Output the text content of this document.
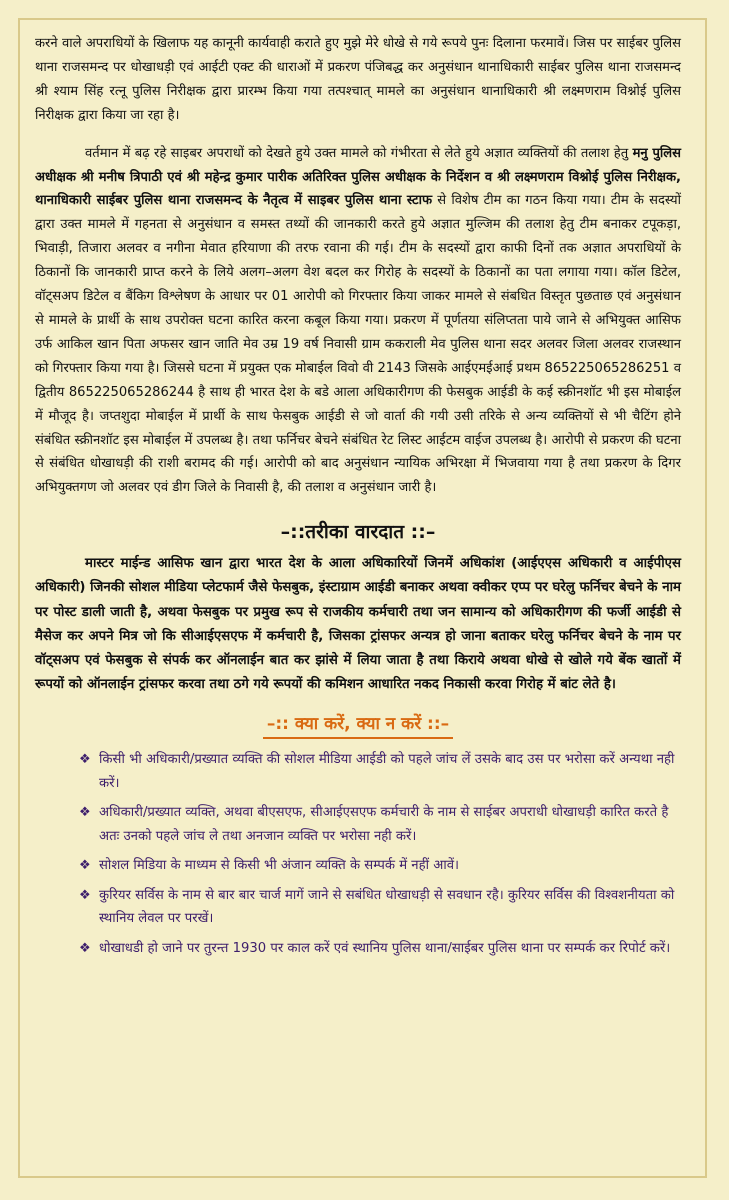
करने वाले अपराधियों के खिलाफ यह कानूनी कार्यवाही कराते हुए मुझे मेरे धोखे से गये रूपये पुनः दिलाना फरमावें। जिस पर साईबर पुलिस थाना राजसमन्द पर धोखाधड़ी एवं आईटी एक्ट की धाराओं में प्रकरण पंजिबद्ध कर अनुसंधान थानाधिकारी साईबर पुलिस थाना राजसमन्द श्री श्याम सिंह रत्नू पुलिस निरीक्षक द्वारा प्रारम्भ किया गया तत्पश्चात् मामले का अनुसंधान थानाधिकारी श्री लक्ष्मणराम विश्नोई पुलिस निरीक्षक द्वारा किया जा रहा है।

वर्तमान में बढ़ रहे साइबर अपराधों को देखते हुये उक्त मामले को गंभीरता से लेते हुये अज्ञात व्यक्तियों की तलाश हेतु मनु पुलिस अधीक्षक श्री मनीष त्रिपाठी एवं श्री महेन्द्र कुमार पारीक अतिरिक्त पुलिस अधीक्षक के निर्देशन व श्री लक्ष्मणराम विश्नोई पुलिस निरीक्षक, थानाधिकारी साईबर पुलिस थाना राजसमन्द के नैतृत्व में साइबर पुलिस थाना स्टाफ से विशेष टीम का गठन किया गया। टीम के सदस्यों द्वारा उक्त मामले में गहनता से अनुसंधान व समस्त तथ्यों की जानकारी करते हुये अज्ञात मुल्जिम की तलाश हेतु टीम बनाकर टपूकड़ा, भिवाड़ी, तिजारा अलवर व नगीना मेवात हरियाणा की तरफ रवाना की गई। टीम के सदस्यों द्वारा काफी दिनों तक अज्ञात अपराधियों के ठिकानों कि जानकारी प्राप्त करने के लिये अलग–अलग वेश बदल कर गिरोह के सदस्यों के ठिकानों का पता लगाया गया। कॉल डिटेल, वॉट्सअप डिटेल व बैंकिग विश्लेषण के आधार पर 01 आरोपी को गिरफ्तार किया जाकर मामले से संबधित विस्तृत पुछताछ एवं अनुसंधान से मामले के प्रार्थी के साथ उपरोक्त घटना कारित करना कबूल किया गया। प्रकरण में पूर्णतया संलिप्तता पाये जाने से अभियुक्त आसिफ उर्फ आकिल खान पिता अफसर खान जाति मेव उम्र 19 वर्ष निवासी ग्राम ककराली मेव पुलिस थाना सदर अलवर जिला अलवर राजस्थान को गिरफ्तार किया गया है। जिससे घटना में प्रयुक्त एक मोबाईल विवो वी 2143 जिसके आईएमईआई प्रथम 865225065286251 व द्वितीय 865225065286244 है साथ ही भारत देश के बडे आला अधिकारीगण की फेसबुक आईडी के कई स्क्रीनशॉट भी इस मोबाईल में मौजूद है। जप्तशुदा मोबाईल में प्रार्थी के साथ फेसबुक आईडी से जो वार्ता की गयी उसी तरिके से अन्य व्यक्तियों से भी चैटिंग होने संबंधित स्क्रीनशॉट इस मोबाईल में उपलब्ध है। तथा फर्निचर बेचने संबंधित रेट लिस्ट आईटम वाईज उपलब्ध है। आरोपी से प्रकरण की घटना से संबंधित धोखाधड़ी की राशी बरामद की गई। आरोपी को बाद अनुसंधान न्यायिक अभिरक्षा में भिजवाया गया है तथा प्रकरण के दिगर अभियुक्तगण जो अलवर एवं डीग जिले के निवासी है, की तलाश व अनुसंधान जारी है।

–::तरीका वारदात ::–

मास्टर माईन्ड आसिफ खान द्वारा भारत देश के आला अधिकारियों जिनमें अधिकांश (आईएएस अधिकारी व आईपीएस अधिकारी) जिनकी सोशल मीडिया प्लेटफार्म जैसे फेसबुक, इंस्टाग्राम आईडी बनाकर अथवा क्वीकर एप्प पर घरेलु फर्निचर बेचने के नाम पर पोस्ट डाली जाती है, अथवा फेसबुक पर प्रमुख रूप से राजकीय कर्मचारी तथा जन सामान्य को अधिकारीगण की फर्जी आईडी से मैसेज कर अपने मित्र जो कि सीआईएसएफ में कर्मचारी है, जिसका ट्रांसफर अन्यत्र हो जाना बताकर घरेलु फर्निचर बेचने के नाम पर वॉट्सअप एवं फेसबुक से संपर्क कर ऑनलाईन बात कर झांसे में लिया जाता है तथा किराये अथवा धोखे से खोले गये बेंक खातों में रूपयों को ऑनलाईन ट्रांसफर करवा तथा ठगे गये रूपयों की कमिशन आधारित नकद निकासी करवा गिरोह में बांट लेते है।

–:: क्या करें, क्या न करें ::–
❖ किसी भी अधिकारी/प्रख्यात व्यक्ति की सोशल मीडिया आईडी को पहले जांच लें उसके बाद उस पर भरोसा करें अन्यथा नही करें।
❖ अधिकारी/प्रख्यात व्यक्ति, अथवा बीएसएफ, सीआईएसएफ कर्मचारी के नाम से साईबर अपराधी धोखाधड़ी कारित करते है अतः उनको पहले जांच ले तथा अनजान व्यक्ति पर भरोसा नही करें।
❖ सोशल मिडिया के माध्यम से किसी भी अंजान व्यक्ति के सम्पर्क में नहीं आवें।
❖ कुरियर सर्विस के नाम से बार बार चार्ज मागें जाने से सबंधित धोखाधड़ी से सवधान रहै। कुरियर सर्विस की विश्वशनीयता को स्थानिय लेवल पर परखें।
❖ धोखाधडी हो जाने पर तुरन्त 1930 पर काल करें एवं स्थानिय पुलिस थाना/साईबर पुलिस थाना पर सम्पर्क कर रिपोर्ट करें।
